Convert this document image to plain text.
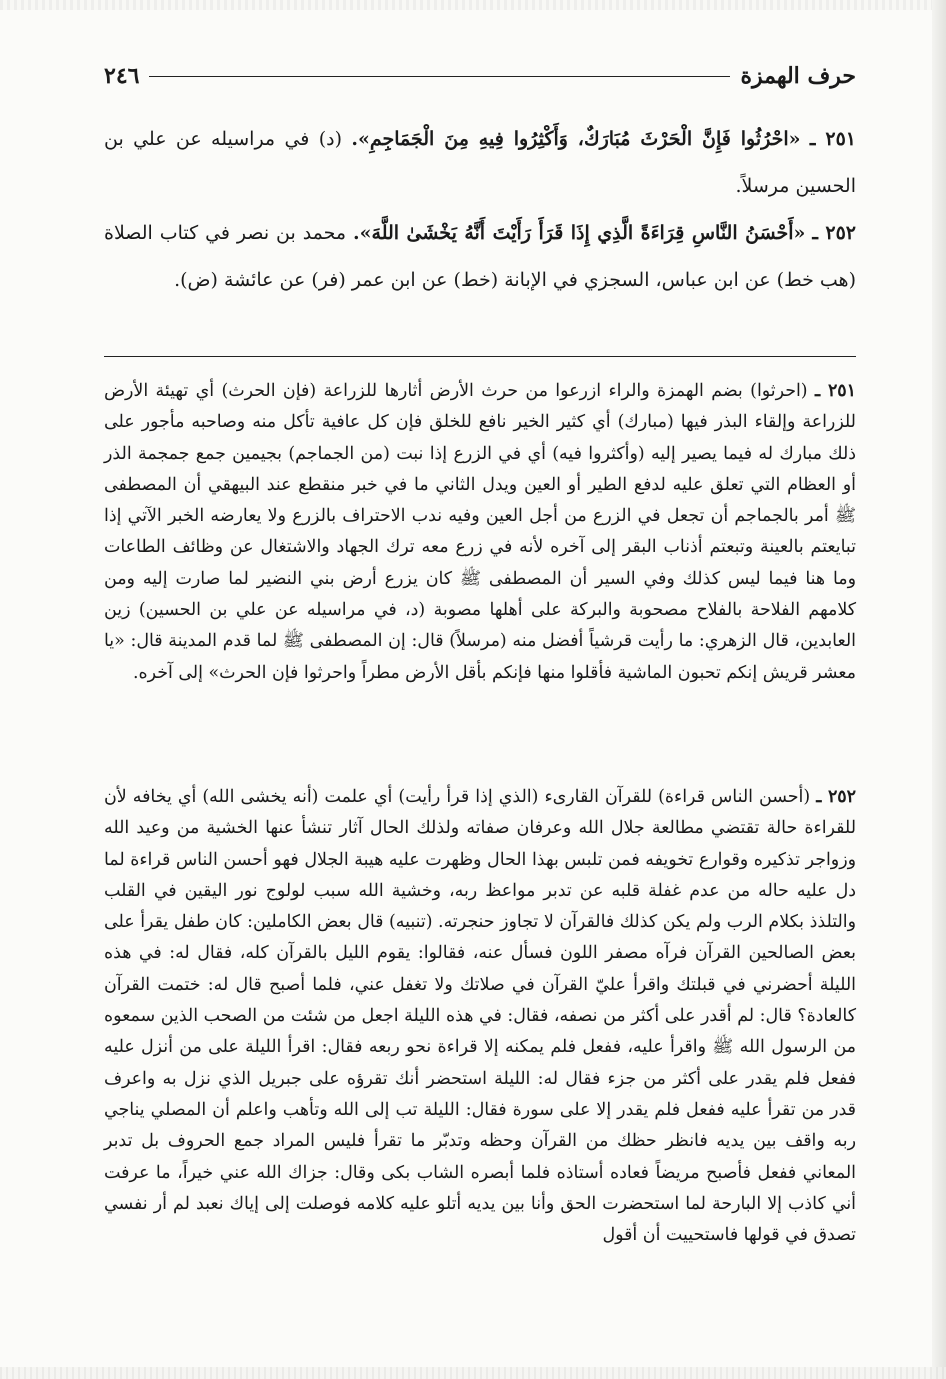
٢٤٦	حرف الهمزة
٢٥١ ـ «احْرُثُوا فَإِنَّ الْحَرْثَ مُبَارَكٌ، وَأَكْثِرُوا فِيهِ مِنَ الْجَمَاجِمِ». (د) في مراسيله عن علي بن الحسين مرسلاً.
٢٥٢ ـ «أَحْسَنُ النَّاسِ قِرَاءَةً الَّذِي إِذَا قَرَأَ رَأَيْتَ أَنَّهُ يَخْشَىٰ اللَّهَ». محمد بن نصر في كتاب الصلاة (هب خط) عن ابن عباس، السجزي في الإبانة (خط) عن ابن عمر (فر) عن عائشة (ض).
٢٥١ ـ (احرثوا) بضم الهمزة والراء ازرعوا من حرث الأرض أثارها للزراعة (فإن الحرث) أي تهيئة الأرض للزراعة وإلقاء البذر فيها (مبارك) أي كثير الخير نافع للخلق فإن كل عافية تأكل منه وصاحبه مأجور على ذلك مبارك له فيما يصير إليه (وأكثروا فيه) أي في الزرع إذا نبت (من الجماجم) بجيمين جمع جمجمة الذر أو العظام التي تعلق عليه لدفع الطير أو العين ويدل الثاني ما في خبر منقطع عند البيهقي أن المصطفى ﷺ أمر بالجماجم أن تجعل في الزرع من أجل العين وفيه ندب الاحتراف بالزرع ولا يعارضه الخبر الآتي إذا تبايعتم بالعينة وتبعتم أذناب البقر إلى آخره لأنه في زرع معه ترك الجهاد والاشتغال عن وظائف الطاعات وما هنا فيما ليس كذلك وفي السير أن المصطفى ﷺ كان يزرع أرض بني النضير لما صارت إليه ومن كلامهم الفلاحة بالفلاح مصحوبة والبركة على أهلها مصوبة (د، في مراسيله عن علي بن الحسين) زين العابدين، قال الزهري: ما رأيت قرشياً أفضل منه (مرسلاً) قال: إن المصطفى ﷺ لما قدم المدينة قال: «يا معشر قريش إنكم تحبون الماشية فأقلوا منها فإنكم بأقل الأرض مطراً واحرثوا فإن الحرث» إلى آخره.
٢٥٢ ـ (أحسن الناس قراءة) للقرآن القارىء (الذي إذا قرأ رأيت) أي علمت (أنه يخشى الله) أي يخافه لأن للقراءة حالة تقتضي مطالعة جلال الله وعرفان صفاته ولذلك الحال آثار تنشأ عنها الخشية من وعيد الله وزواجر تذكيره وقوارع تخويفه فمن تلبس بهذا الحال وظهرت عليه هيبة الجلال فهو أحسن الناس قراءة لما دل عليه حاله من عدم غفلة قلبه عن تدبر مواعظ ربه، وخشية الله سبب لولوج نور اليقين في القلب والتلذذ بكلام الرب ولم يكن كذلك فالقرآن لا تجاوز حنجرته. (تنبيه) قال بعض الكاملين: كان طفل يقرأ على بعض الصالحين القرآن فرآه مصفر اللون فسأل عنه، فقالوا: يقوم الليل بالقرآن كله، فقال له: في هذه الليلة أحضرني في قبلتك واقرأ عليّ القرآن في صلاتك ولا تغفل عني، فلما أصبح قال له: ختمت القرآن كالعادة؟ قال: لم أقدر على أكثر من نصفه، فقال: في هذه الليلة اجعل من شئت من الصحب الذين سمعوه من الرسول الله ﷺ واقرأ عليه، ففعل فلم يمكنه إلا قراءة نحو ربعه فقال: اقرأ الليلة على من أنزل عليه ففعل فلم يقدر على أكثر من جزء فقال له: الليلة استحضر أنك تقرؤه على جبريل الذي نزل به واعرف قدر من تقرأ عليه ففعل فلم يقدر إلا على سورة فقال: الليلة تب إلى الله وتأهب واعلم أن المصلي يناجي ربه واقف بين يديه فانظر حظك من القرآن وحظه وتدبّر ما تقرأ فليس المراد جمع الحروف بل تدبر المعاني ففعل فأصبح مريضاً فعاده أستاذه فلما أبصره الشاب بكى وقال: جزاك الله عني خيراً، ما عرفت أني كاذب إلا البارحة لما استحضرت الحق وأنا بين يديه أتلو عليه كلامه فوصلت إلى إياك نعبد لم أر نفسي تصدق في قولها فاستحييت أن أقول
